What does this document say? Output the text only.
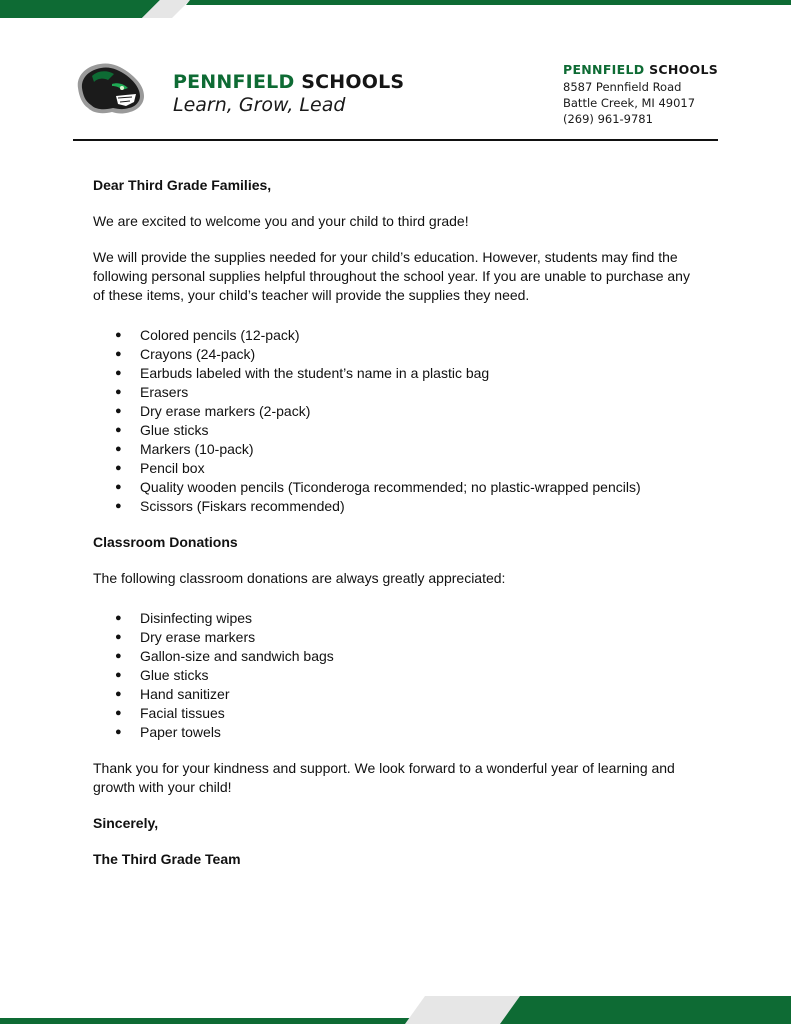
PENNFIELD SCHOOLS
Learn, Grow, Lead
PENNFIELD SCHOOLS
8587 Pennfield Road
Battle Creek, MI 49017
(269) 961-9781

Dear Third Grade Families,

We are excited to welcome you and your child to third grade!

We will provide the supplies needed for your child’s education. However, students may find the following personal supplies helpful throughout the school year. If you are unable to purchase any of these items, your child’s teacher will provide the supplies they need.

● Colored pencils (12-pack)
● Crayons (24-pack)
● Earbuds labeled with the student’s name in a plastic bag
● Erasers
● Dry erase markers (2-pack)
● Glue sticks
● Markers (10-pack)
● Pencil box
● Quality wooden pencils (Ticonderoga recommended; no plastic-wrapped pencils)
● Scissors (Fiskars recommended)

Classroom Donations

The following classroom donations are always greatly appreciated:

● Disinfecting wipes
● Dry erase markers
● Gallon-size and sandwich bags
● Glue sticks
● Hand sanitizer
● Facial tissues
● Paper towels

Thank you for your kindness and support. We look forward to a wonderful year of learning and growth with your child!

Sincerely,

The Third Grade Team
